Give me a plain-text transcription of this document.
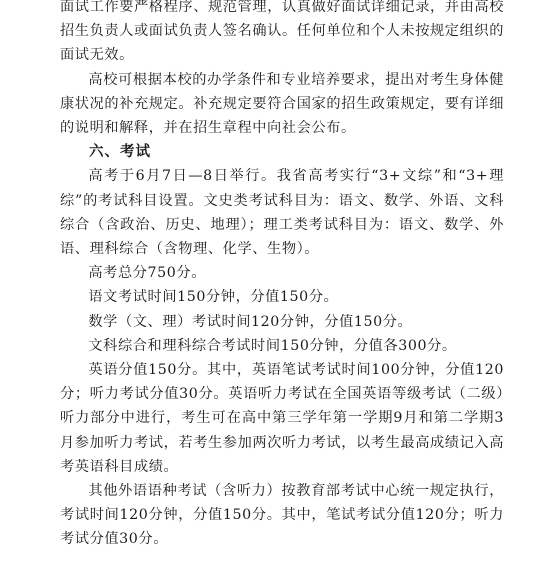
面试工作要严格程序、规范管理，认真做好面试详细记录，并由高校招生负责人或面试负责人签名确认。任何单位和个人未按规定组织的面试无效。

高校可根据本校的办学条件和专业培养要求，提出对考生身体健康状况的补充规定。补充规定要符合国家的招生政策规定，要有详细的说明和解释，并在招生章程中向社会公布。

六、考试

高考于6月7日—8日举行。我省高考实行“3+文综”和“3+理综”的考试科目设置。文史类考试科目为：语文、数学、外语、文科综合（含政治、历史、地理）；理工类考试科目为：语文、数学、外语、理科综合（含物理、化学、生物）。

高考总分750分。

语文考试时间150分钟，分值150分。

数学（文、理）考试时间120分钟，分值150分。

文科综合和理科综合考试时间150分钟，分值各300分。

英语分值150分。其中，英语笔试考试时间100分钟，分值120分；听力考试分值30分。英语听力考试在全国英语等级考试（二级）听力部分中进行，考生可在高中第三学年第一学期9月和第二学期3月参加听力考试，若考生参加两次听力考试，以考生最高成绩记入高考英语科目成绩。

其他外语语种考试（含听力）按教育部考试中心统一规定执行，考试时间120分钟，分值150分。其中，笔试考试分值120分；听力考试分值30分。
